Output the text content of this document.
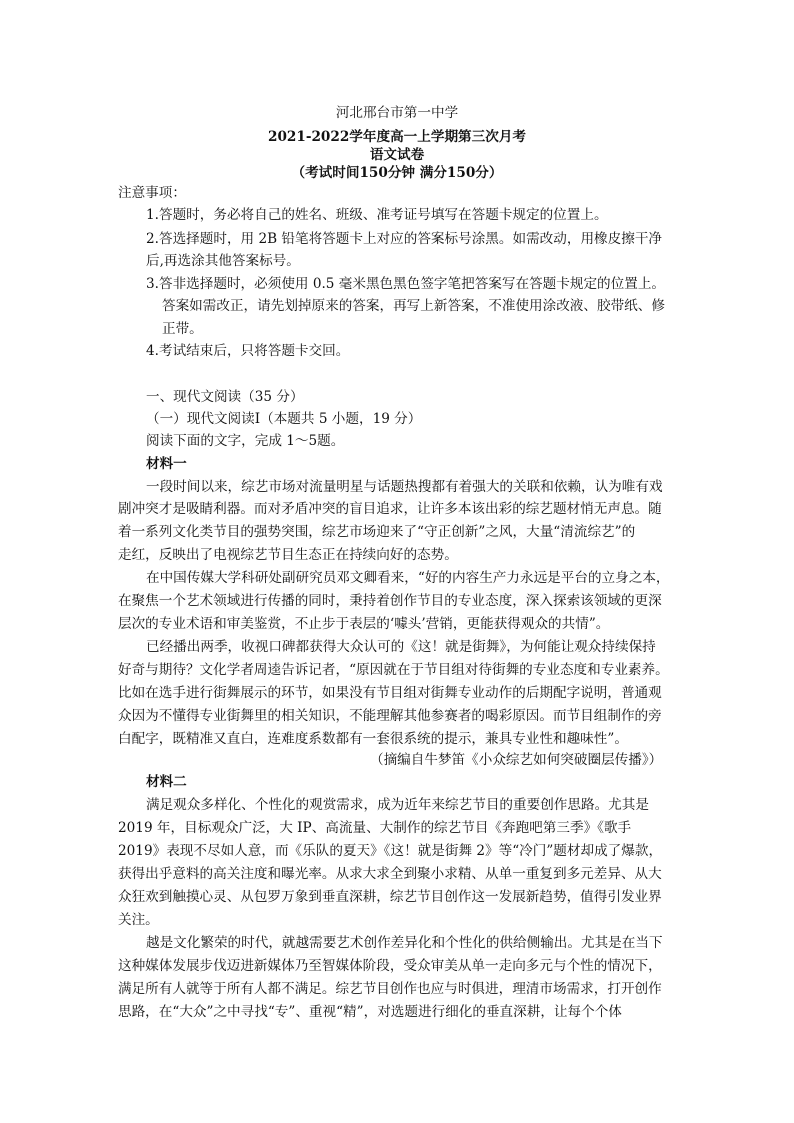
河北邢台市第一中学
2021-2022学年度高一上学期第三次月考
语文试卷
（考试时间150分钟 满分150分）
注意事项：
1.答题时，务必将自己的姓名、班级、准考证号填写在答题卡规定的位置上。
2.答选择题时，用 2B 铅笔将答题卡上对应的答案标号涂黑。如需改动，用橡皮擦干净
后,再选涂其他答案标号。
3.答非选择题时，必须使用 0.5 毫米黑色黑色签字笔把答案写在答题卡规定的位置上。
答案如需改正，请先划掉原来的答案，再写上新答案，不准使用涂改液、胶带纸、修
正带。
4.考试结束后，只将答题卡交回。
一、现代文阅读（35 分）
（一）现代文阅读Ⅰ（本题共 5 小题，19 分）
阅读下面的文字，完成 1～5题。
材料一
一段时间以来，综艺市场对流量明星与话题热搜都有着强大的关联和依赖，认为唯有戏
剧冲突才是吸睛利器。而对矛盾冲突的盲目追求，让许多本该出彩的综艺题材悄无声息。随
着一系列文化类节目的强势突围，综艺市场迎来了“守正创新”之风，大量“清流综艺”的
走红，反映出了电视综艺节目生态正在持续向好的态势。
在中国传媒大学科研处副研究员邓文卿看来，“好的内容生产力永远是平台的立身之本，
在聚焦一个艺术领域进行传播的同时，秉持着创作节目的专业态度，深入探索该领域的更深
层次的专业术语和审美鉴赏，不止步于表层的‘噱头’营销，更能获得观众的共情”。
已经播出两季，收视口碑都获得大众认可的《这！就是街舞》，为何能让观众持续保持
好奇与期待？文化学者周逵告诉记者，“原因就在于节目组对待街舞的专业态度和专业素养。
比如在选手进行街舞展示的环节，如果没有节目组对街舞专业动作的后期配字说明，普通观
众因为不懂得专业街舞里的相关知识，不能理解其他参赛者的喝彩原因。而节目组制作的旁
白配字，既精准又直白，连难度系数都有一套很系统的提示，兼具专业性和趣味性”。
（摘编自牛梦笛《小众综艺如何突破圈层传播》）
材料二
满足观众多样化、个性化的观赏需求，成为近年来综艺节目的重要创作思路。尤其是
2019 年，目标观众广泛，大 IP、高流量、大制作的综艺节目《奔跑吧第三季》《歌手
2019》表现不尽如人意，而《乐队的夏天》《这！就是街舞 2》等“冷门”题材却成了爆款，
获得出乎意料的高关注度和曝光率。从求大求全到聚小求精、从单一重复到多元差异、从大
众狂欢到触摸心灵、从包罗万象到垂直深耕，综艺节目创作这一发展新趋势，值得引发业界
关注。
越是文化繁荣的时代，就越需要艺术创作差异化和个性化的供给侧输出。尤其是在当下
这种媒体发展步伐迈进新媒体乃至智媒体阶段，受众审美从单一走向多元与个性的情况下，
满足所有人就等于所有人都不满足。综艺节目创作也应与时俱进，理清市场需求，打开创作
思路，在“大众”之中寻找“专”、重视“精”，对选题进行细化的垂直深耕，让每个个体
